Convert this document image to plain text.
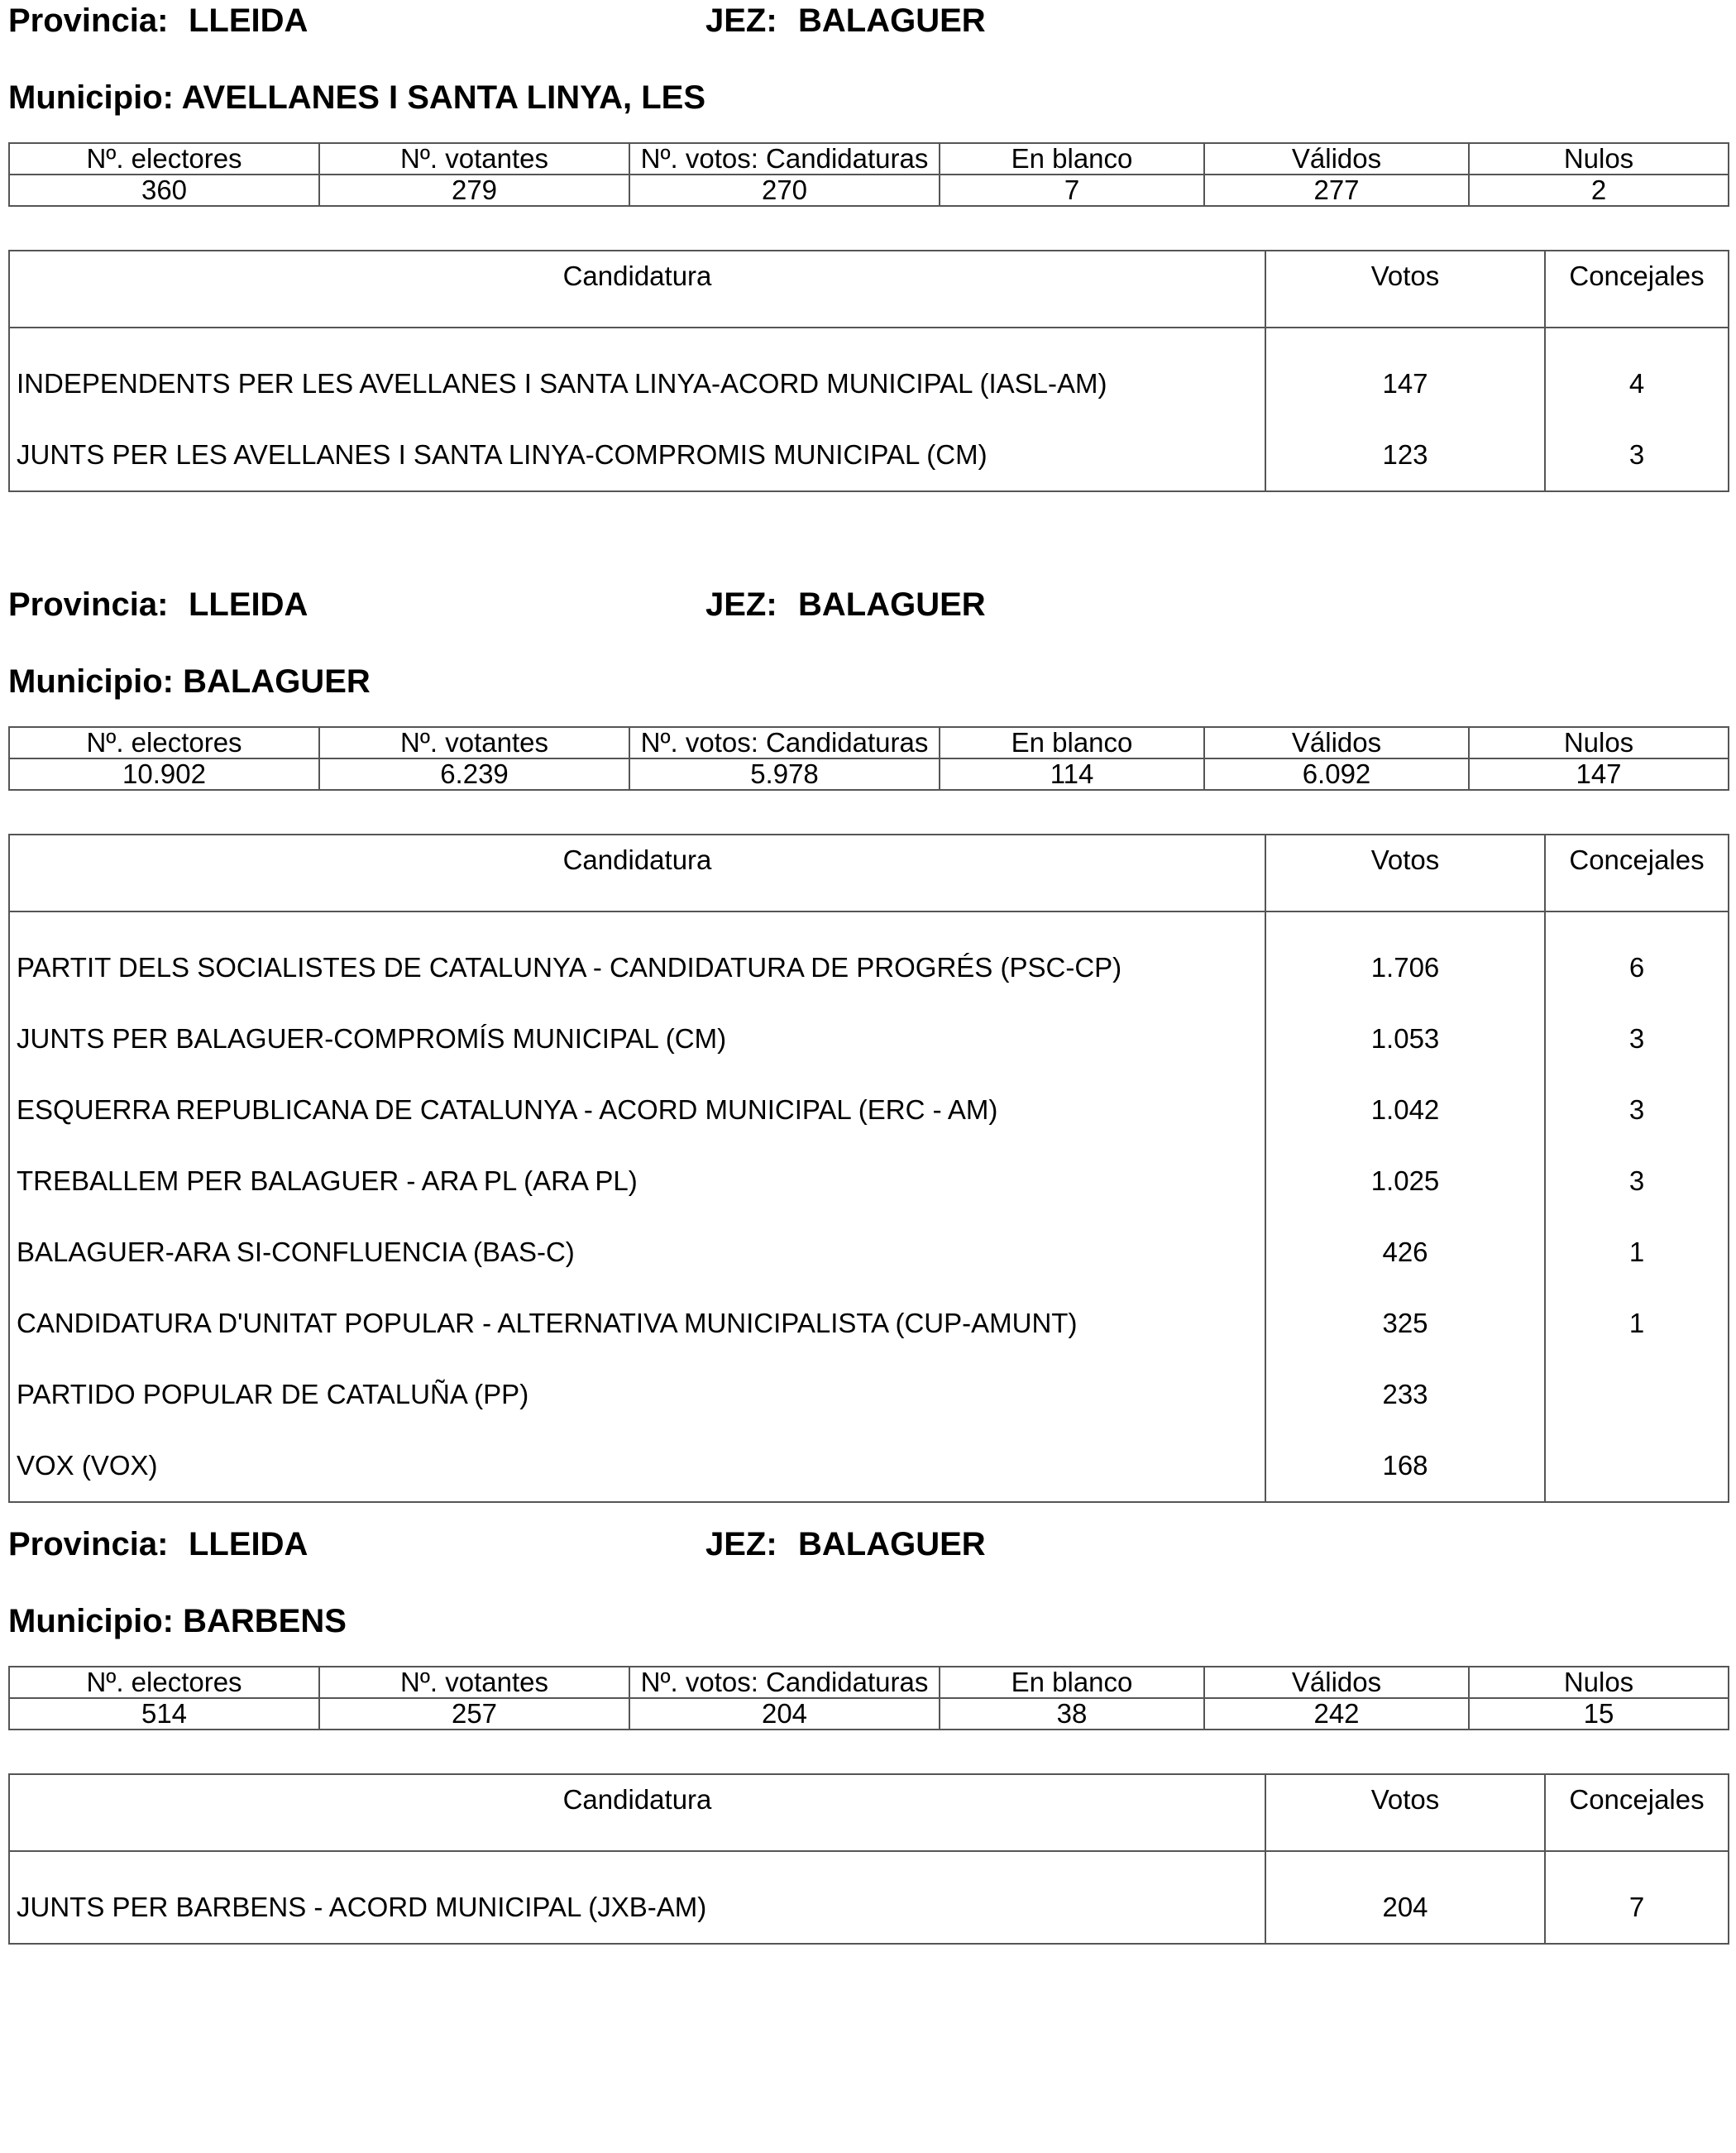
Provincia: LLEIDA	JEZ: BALAGUER
Municipio: AVELLANES I SANTA LINYA, LES
Nº. electores	Nº. votantes	Nº. votos: Candidaturas	En blanco	Válidos	Nulos
360	279	270	7	277	2
Candidatura	Votos	Concejales
INDEPENDENTS PER LES AVELLANES I SANTA LINYA-ACORD MUNICIPAL (IASL-AM)	147	4
JUNTS PER LES AVELLANES I SANTA LINYA-COMPROMIS MUNICIPAL (CM)	123	3
Provincia: LLEIDA	JEZ: BALAGUER
Municipio: BALAGUER
Nº. electores	Nº. votantes	Nº. votos: Candidaturas	En blanco	Válidos	Nulos
10.902	6.239	5.978	114	6.092	147
Candidatura	Votos	Concejales
PARTIT DELS SOCIALISTES DE CATALUNYA - CANDIDATURA DE PROGRÉS (PSC-CP)	1.706	6
JUNTS PER BALAGUER-COMPROMÍS MUNICIPAL (CM)	1.053	3
ESQUERRA REPUBLICANA DE CATALUNYA - ACORD MUNICIPAL (ERC - AM)	1.042	3
TREBALLEM PER BALAGUER - ARA PL (ARA PL)	1.025	3
BALAGUER-ARA SI-CONFLUENCIA (BAS-C)	426	1
CANDIDATURA D'UNITAT POPULAR - ALTERNATIVA MUNICIPALISTA (CUP-AMUNT)	325	1
PARTIDO POPULAR DE CATALUÑA (PP)	233	
VOX (VOX)	168	
Provincia: LLEIDA	JEZ: BALAGUER
Municipio: BARBENS
Nº. electores	Nº. votantes	Nº. votos: Candidaturas	En blanco	Válidos	Nulos
514	257	204	38	242	15
Candidatura	Votos	Concejales
JUNTS PER BARBENS - ACORD MUNICIPAL (JXB-AM)	204	7
